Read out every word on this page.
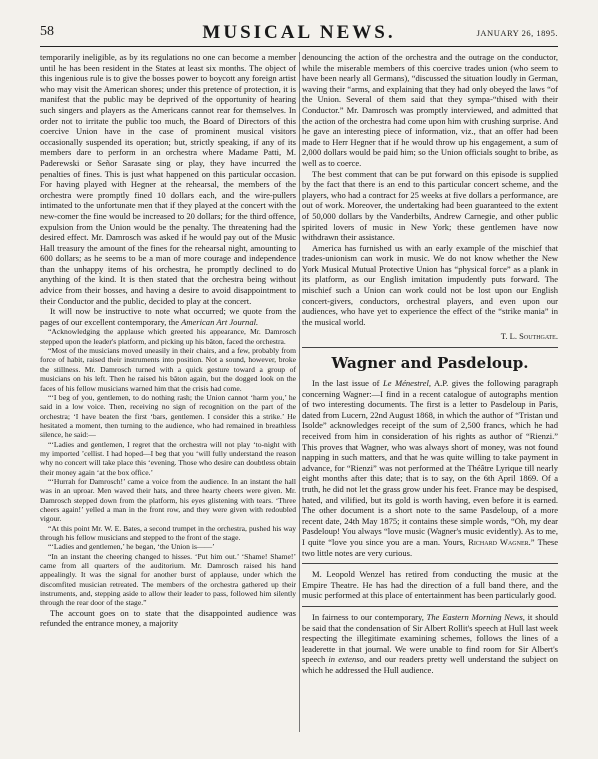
58	MUSICAL NEWS.	JANUARY 26, 1895.

temporarily ineligible, as by its regulations no one can become a member until he has been resident in the States at least six months. The object of this ingenious rule is to give the bosses power to boycott any foreign artist who may visit the American shores; under this pretence of protection, it is manifest that the public may be deprived of the opportunity of hearing such singers and players as the Americans cannot rear for themselves. In order not to irritate the public too much, the Board of Directors of this coercive Union have in the case of prominent musical visitors occasionally suspended its operation; but, strictly speaking, if any of its members dare to perform in an orchestra where Madame Patti, M. Paderewski or Señor Sarasate sing or play, they have incurred the penalties of fines. This is just what happened on this particular occasion. For having played with Hegner at the rehearsal, the members of the orchestra were promptly fined 10 dollars each, and the wire-pullers intimated to the unfortunate men that if they played at the concert with the new-comer the fine would be increased to 20 dollars; for the third offence, expulsion from the Union would be the penalty. The threatening had the desired effect. Mr. Damrosch was asked if he would pay out of the Music Hall treasury the amount of the fines for the rehearsal night, amounting to 600 dollars; as he seems to be a man of more courage and independence than the unhappy items of his orchestra, he promptly declined to do anything of the kind. It is then stated that the orchestra being without advice from their bosses, and having a desire to avoid disappointment to their Conductor and the public, decided to play at the concert.

It will now be instructive to note what occurred; we quote from the pages of our excellent contemporary, the American Art Journal.

“Acknowledging the applause which greeted his appearance, Mr. Damrosch stepped upon the leader's platform, and picking up his bâton, faced the orchestra.

“Most of the musicians moved uneasily in their chairs, and a few, probably from force of habit, raised their instruments into position. Not a sound, however, broke the stillness. Mr. Damrosch turned with a quick gesture toward a group of musicians on his left. Then he raised his bâton again, but the dogged look on the faces of his fellow musicians warned him that the crisis had come.

“‘I beg of you, gentlemen, to do nothing rash; the Union cannot ‘harm you,’ he said in a low voice. Then, receiving no sign of recognition on the part of the orchestra; ‘I have beaten the first ‘bars, gentlemen. I consider this a strike.’ He hesitated a moment, then turning to the audience, who had remained in breathless silence, he said:—

“‘Ladies and gentlemen, I regret that the orchestra will not play ‘to-night with my imported ’cellist. I had hoped—I beg that you ‘will fully understand the reason why no concert will take place this ‘evening. Those who desire can doubtless obtain their money again ‘at the box office.’

“‘Hurrah for Damrosch!’ came a voice from the audience. In an instant the hall was in an uproar. Men waved their hats, and three hearty cheers were given. Mr. Damrosch stepped down from the platform, his eyes glistening with tears. ‘Three cheers again!’ yelled a man in the front row, and they were given with redoubled vigour.

“At this point Mr. W. E. Bates, a second trumpet in the orchestra, pushed his way through his fellow musicians and stepped to the front of the stage.

“‘Ladies and gentlemen,’ he began, ‘the Union is——’

“In an instant the cheering changed to hisses. ‘Put him out.’ ‘Shame! Shame!’ came from all quarters of the auditorium. Mr. Damrosch raised his hand appealingly. It was the signal for another burst of applause, under which the discomfited musician retreated. The members of the orchestra gathered up their instruments, and, stepping aside to allow their leader to pass, followed him silently through the rear door of the stage.”

The account goes on to state that the disappointed audience was refunded the entrance money, a majority

denouncing the action of the orchestra and the outrage on the conductor, while the miserable members of this coercive trades union (who seem to have been nearly all Germans), “discussed the situation loudly in German, waving their “arms, and explaining that they had only obeyed the laws “of the Union. Several of them said that they sympa-“thised with their Conductor.” Mr. Damrosch was promptly interviewed, and admitted that the action of the orchestra had come upon him with crushing surprise. And he gave an interesting piece of information, viz., that an offer had been made to Herr Hegner that if he would throw up his engagement, a sum of 2,000 dollars would be paid him; so the Union officials sought to bribe, as well as to coerce.

The best comment that can be put forward on this episode is supplied by the fact that there is an end to this particular concert scheme, and the players, who had a contract for 25 weeks at five dollars a performance, are out of work. Moreover, the undertaking had been guaranteed to the extent of 50,000 dollars by the Vanderbilts, Andrew Carnegie, and other public spirited lovers of music in New York; these gentlemen have now withdrawn their assistance.

America has furnished us with an early example of the mischief that trades-unionism can work in music. We do not know whether the New York Musical Mutual Protective Union has “physical force” as a plank in its platform, as our English imitation impudently puts forward. The mischief such a Union can work could not be lost upon our English concert-givers, conductors, orchestral players, and even upon our audiences, who have yet to experience the effect of the “strike mania” in the musical world.

T. L. Southgate.

Wagner and Pasdeloup.

In the last issue of Le Ménestrel, A.P. gives the following paragraph concerning Wagner:—I find in a recent catalogue of autographs mention of two interesting documents. The first is a letter to Pasdeloup in Paris, dated from Lucern, 22nd August 1868, in which the author of “Tristan und Isolde” acknowledges receipt of the sum of 2,500 francs, which he had received from him in consideration of his rights as author of “Rienzi.” This proves that Wagner, who was always short of money, was not found napping in such matters, and that he was quite willing to take payment in advance, for “Rienzi” was not performed at the Théâtre Lyrique till nearly eight months after this date; that is to say, on the 6th April 1869. Of a truth, he did not let the grass grow under his feet. France may be despised, hated, and vilified, but its gold is worth having, even before it is earned. The other document is a short note to the same Pasdeloup, of a more recent date, 24th May 1875; it contains these simple words, “Oh, my dear Pasdeloup! You always “love music (Wagner's music evidently). As to me, I quite “love you since you are a man. Yours, Richard Wagner.” These two little notes are very curious.

M. Leopold Wenzel has retired from conducting the music at the Empire Theatre. He has had the direction of a full band there, and the music performed at this place of entertainment has been particularly good.

In fairness to our contemporary, The Eastern Morning News, it should be said that the condensation of Sir Albert Rollit's speech at Hull last week respecting the illegitimate examining schemes, follows the lines of a leaderette in that journal. We were unable to find room for Sir Albert's speech in extenso, and our readers pretty well understand the subject on which he addressed the Hull audience.
